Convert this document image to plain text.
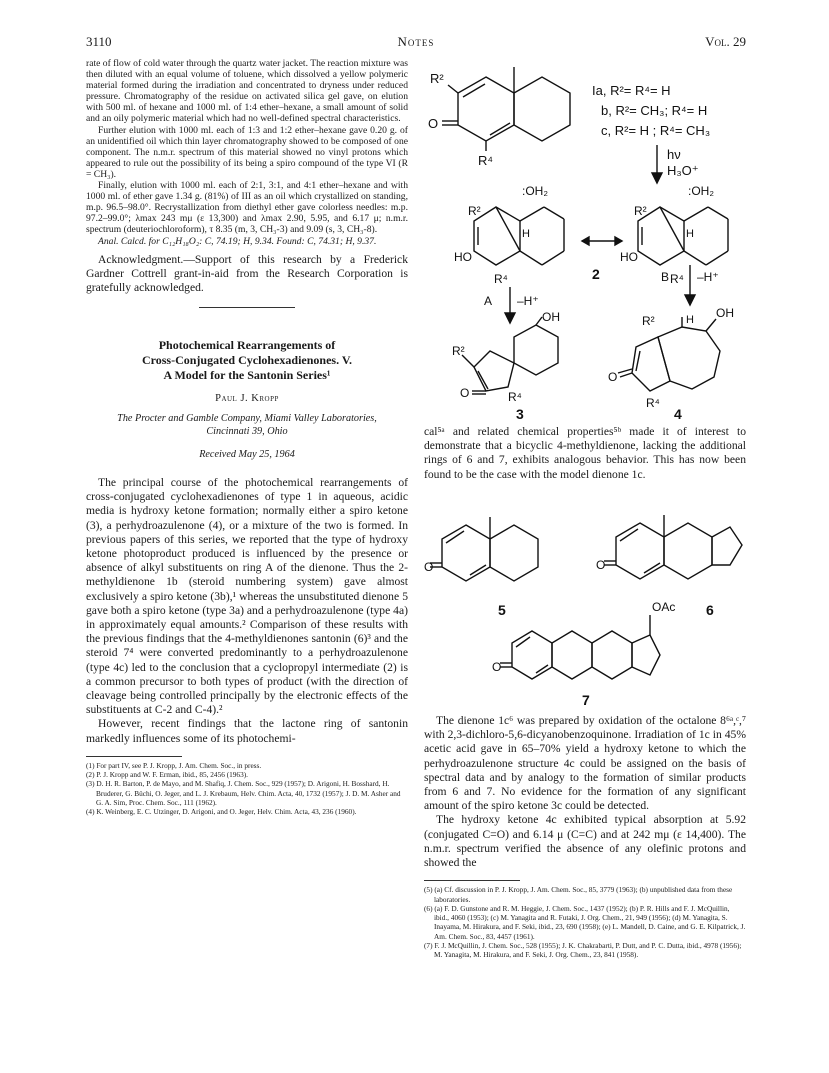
3110	Notes	Vol. 29

rate of flow of cold water through the quartz water jacket. The reaction mixture was then diluted with an equal volume of toluene, which dissolved a yellow polymeric material formed during the irradiation and concentrated to dryness under reduced pressure. Chromatography of the residue on activated silica gel gave, on elution with 500 ml. of hexane and 1000 ml. of 1:4 ether–hexane, a small amount of solid and an oily polymeric material which had no well-defined spectral characteristics.

Further elution with 1000 ml. each of 1:3 and 1:2 ether–hexane gave 0.20 g. of an unidentified oil which thin layer chromatography showed to be composed of one component. The n.m.r. spectrum of this material showed no vinyl protons which appeared to rule out the possibility of its being a spiro compound of the type VI (R = CH₃).

Finally, elution with 1000 ml. each of 2:1, 3:1, and 4:1 ether–hexane and with 1000 ml. of ether gave 1.34 g. (81%) of III as an oil which crystallized on standing, m.p. 96.5–98.0°. Recrystallization from diethyl ether gave colorless needles: m.p. 97.2–99.0°; λmax 243 mμ (ε 13,300) and λmax 2.90, 5.95, and 6.17 μ; n.m.r. spectrum (deuteriochloroform), τ 8.35 (m, 3, CH₃-3) and 9.09 (s, 3, CH₃-8).

Anal. Calcd. for C₁₂H₁₈O₂: C, 74.19; H, 9.34. Found: C, 74.31; H, 9.37.

Acknowledgment.—Support of this research by a Frederick Gardner Cottrell grant-in-aid from the Research Corporation is gratefully acknowledged.

Photochemical Rearrangements of
Cross-Conjugated Cyclohexadienones. V.
A Model for the Santonin Series¹
Paul J. Kropp
The Procter and Gamble Company, Miami Valley Laboratories,
Cincinnati 39, Ohio
Received May 25, 1964

The principal course of the photochemical rearrangements of cross-conjugated cyclohexadienones of type 1 in aqueous, acidic media is hydroxy ketone formation; normally either a spiro ketone (3), a perhydroazulenone (4), or a mixture of the two is formed. In previous papers of this series, we reported that the type of hydroxy ketone photoproduct produced is influenced by the presence or absence of alkyl substituents on ring A of the dienone. Thus the 2-methyldienone 1b (steroid numbering system) gave almost exclusively a spiro ketone (3b),¹ whereas the unsubstituted dienone 5 gave both a spiro ketone (type 3a) and a perhydroazulenone (type 4a) in approximately equal amounts.² Comparison of these results with the previous findings that the 4-methyldienones santonin (6)³ and the steroid 7⁴ were converted predominantly to a perhydroazulenone (type 4c) led to the conclusion that a cyclopropyl intermediate (2) is a common precursor to both types of product (with the direction of cleavage being controlled principally by the electronic effects of the substituents at C-2 and C-4).²

However, recent findings that the lactone ring of santonin markedly influences some of its photochemi-

(1) For part IV, see P. J. Kropp, J. Am. Chem. Soc., in press.
(2) P. J. Kropp and W. F. Erman, ibid., 85, 2456 (1963).
(3) D. H. R. Barton, P. de Mayo, and M. Shafiq, J. Chem. Soc., 929 (1957); D. Arigoni, H. Bosshard, H. Bruderer, G. Büchi, O. Jeger, and L. J. Krebaum, Helv. Chim. Acta, 40, 1732 (1957); J. D. M. Asher and G. A. Sim, Proc. Chem. Soc., 111 (1962).
(4) K. Weinberg, E. C. Utzinger, D. Arigoni, and O. Jeger, Helv. Chim. Acta, 43, 236 (1960).
R²
O
R⁴
Ia, R²= R⁴= H
b, R²= CH₃; R⁴= H
c, R²= H ; R⁴= CH₃
hν
H₃O⁺
:OH₂
R²
H
HO
R⁴
:OH₂
R²
H
HO
R⁴
2
A –H⁺
B –H⁺
OH
R²
O	R⁴
R²	H OH
O
R⁴
3	4

cal⁵ᵃ and related chemical properties⁵ᵇ made it of interest to demonstrate that a bicyclic 4-methyldienone, lacking the additional rings of 6 and 7, exhibits analogous behavior. This has now been found to be the case with the model dienone 1c.

O
5
O
6
OAc
O
7

The dienone 1c⁶ was prepared by oxidation of the octalone 8⁶ᵃ,ᶜ,⁷ with 2,3-dichloro-5,6-dicyanobenzoquinone. Irradiation of 1c in 45% acetic acid gave in 65–70% yield a hydroxy ketone to which the perhydroazulenone structure 4c could be assigned on the basis of spectral data and by analogy to the formation of similar products from 6 and 7. No evidence for the formation of any significant amount of the spiro ketone 3c could be detected.

The hydroxy ketone 4c exhibited typical absorption at 5.92 (conjugated C=O) and 6.14 μ (C=C) and at 242 mμ (ε 14,400). The n.m.r. spectrum verified the absence of any olefinic protons and showed the

(5) (a) Cf. discussion in P. J. Kropp, J. Am. Chem. Soc., 85, 3779 (1963); (b) unpublished data from these laboratories.
(6) (a) F. D. Gunstone and R. M. Heggie, J. Chem. Soc., 1437 (1952); (b) P. R. Hills and F. J. McQuillin, ibid., 4060 (1953); (c) M. Yanagita and R. Futaki, J. Org. Chem., 21, 949 (1956); (d) M. Yanagita, S. Inayama, M. Hirakura, and F. Seki, ibid., 23, 690 (1958); (e) L. Mandell, D. Caine, and G. E. Kilpatrick, J. Am. Chem. Soc., 83, 4457 (1961).
(7) F. J. McQuillin, J. Chem. Soc., 528 (1955); J. K. Chakrabarti, P. Dutt, and P. C. Dutta, ibid., 4978 (1956); M. Yanagita, M. Hirakura, and F. Seki, J. Org. Chem., 23, 841 (1958).
